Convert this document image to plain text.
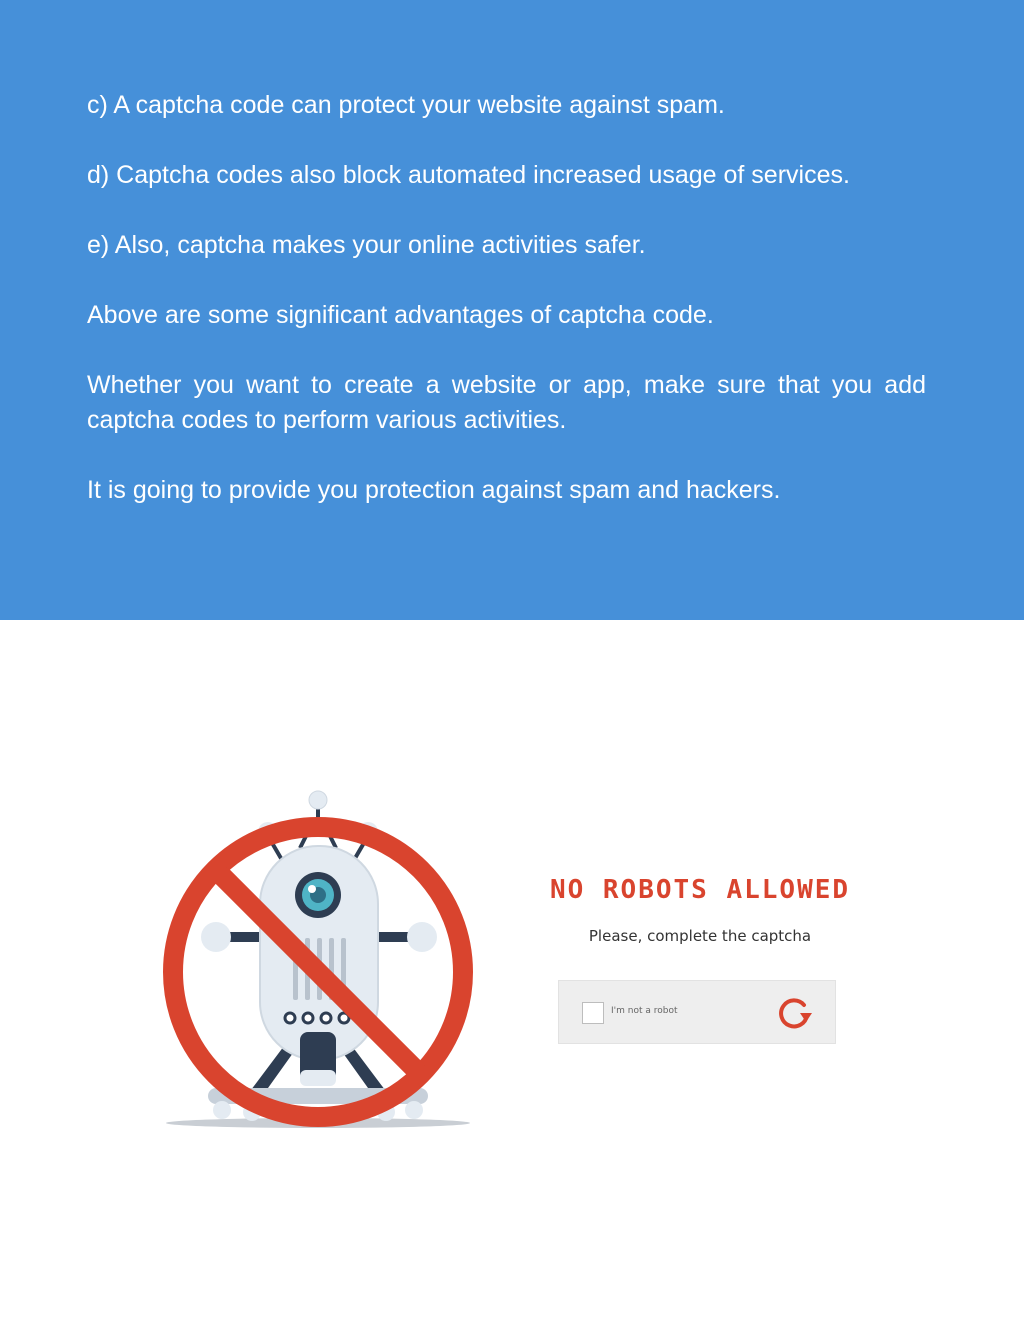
c) A captcha code can protect your website against spam.

d) Captcha codes also block automated increased usage of services.

e) Also, captcha makes your online activities safer.

Above are some significant advantages of captcha code.

Whether you want to create a website or app, make sure that you add captcha codes to perform various activities.

It is going to provide you protection against spam and hackers.

NO ROBOTS ALLOWED
Please, complete the captcha
I'm not a robot
